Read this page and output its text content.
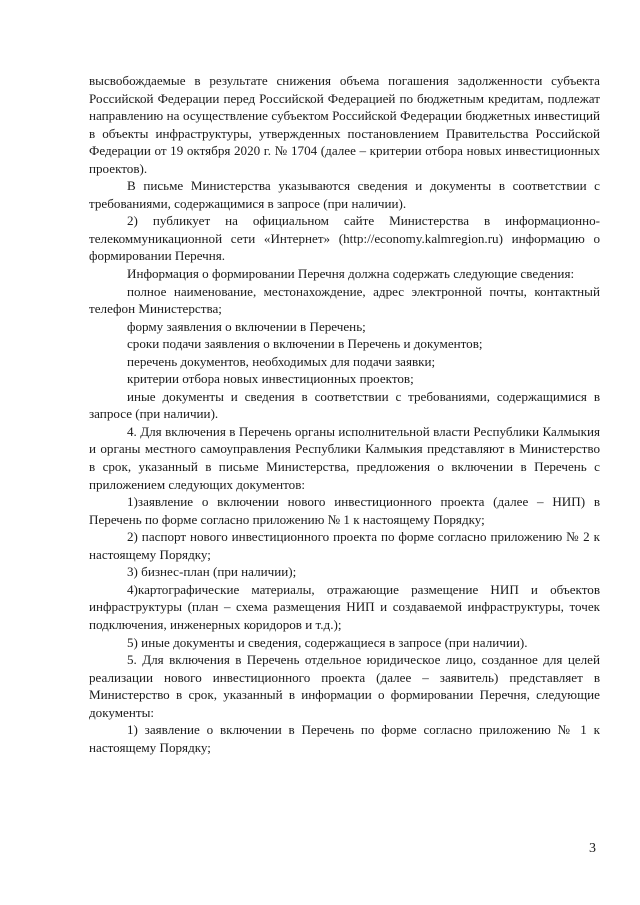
высвобождаемые в результате снижения объема погашения задолженности субъекта Российской Федерации перед Российской Федерацией по бюджетным кредитам, подлежат направлению на осуществление субъектом Российской Федерации бюджетных инвестиций в объекты инфраструктуры, утвержденных постановлением Правительства Российской Федерации от 19 октября 2020 г. № 1704 (далее – критерии отбора новых инвестиционных проектов).

В письме Министерства указываются сведения и документы в соответствии с требованиями, содержащимися в запросе (при наличии).

2) публикует на официальном сайте Министерства в информационно-телекоммуникационной сети «Интернет» (http://economy.kalmregion.ru) информацию о формировании Перечня.

Информация о формировании Перечня должна содержать следующие сведения:

полное наименование, местонахождение, адрес электронной почты, контактный телефон Министерства;

форму заявления о включении в Перечень;

сроки подачи заявления о включении в Перечень и документов;

перечень документов, необходимых для подачи заявки;

критерии отбора новых инвестиционных проектов;

иные документы и сведения в соответствии с требованиями, содержащимися в запросе (при наличии).

4. Для включения в Перечень органы исполнительной власти Республики Калмыкия и органы местного самоуправления Республики Калмыкия представляют в Министерство в срок, указанный в письме Министерства, предложения о включении в Перечень с приложением следующих документов:

1)заявление о включении нового инвестиционного проекта (далее – НИП) в Перечень по форме согласно приложению № 1 к настоящему Порядку;

2) паспорт нового инвестиционного проекта по форме согласно приложению № 2 к настоящему Порядку;

3) бизнес-план (при наличии);

4)картографические материалы, отражающие размещение НИП и объектов инфраструктуры (план – схема размещения НИП и создаваемой инфраструктуры, точек подключения, инженерных коридоров и т.д.);

5) иные документы и сведения, содержащиеся в запросе (при наличии).

5. Для включения в Перечень отдельное юридическое лицо, созданное для целей реализации нового инвестиционного проекта (далее – заявитель) представляет в Министерство в срок, указанный в информации о формировании Перечня, следующие документы:

1) заявление о включении в Перечень по форме согласно приложению № 1 к настоящему Порядку;

3
